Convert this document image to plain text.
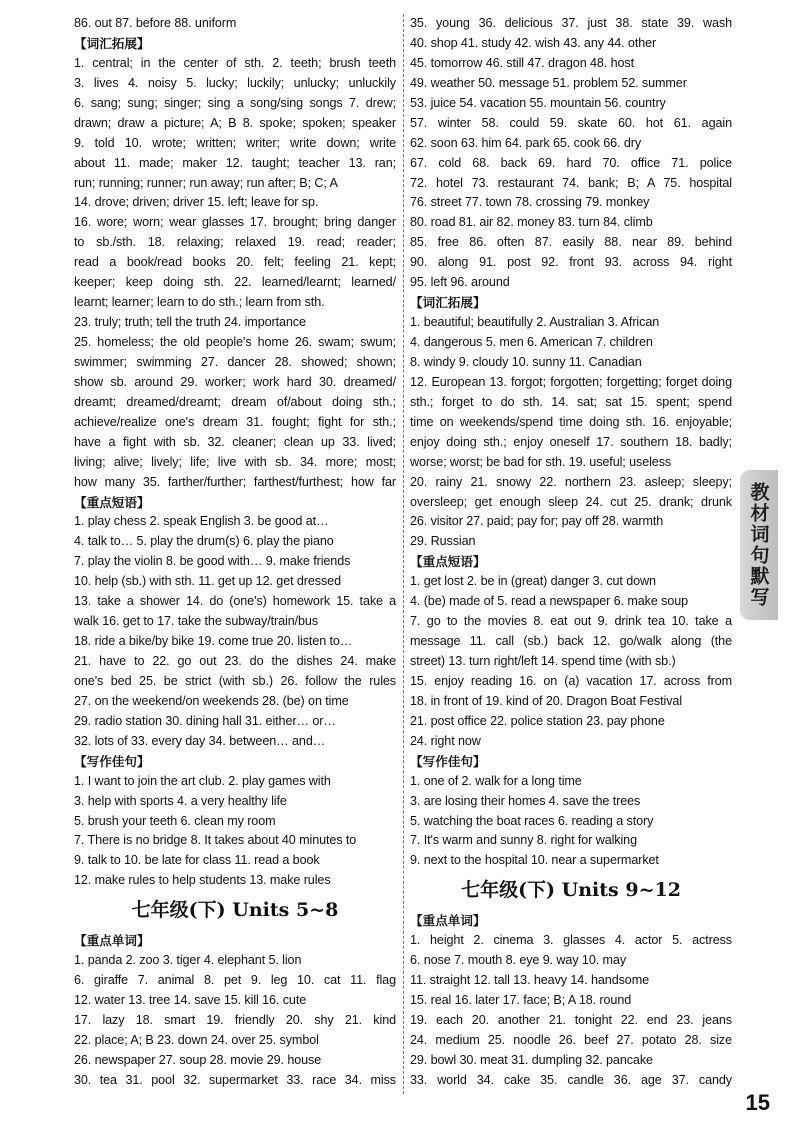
86. out 87. before 88. uniform
【词汇拓展】
1. central; in the center of sth. 2. teeth; brush teeth
3. lives 4. noisy 5. lucky; luckily; unlucky; unluckily
6. sang; sung; singer; sing a song/sing songs 7. drew;
drawn; draw a picture; A; B 8. spoke; spoken; speaker
9. told 10. wrote; written; writer; write down; write
about 11. made; maker 12. taught; teacher 13. ran;
run; running; runner; run away; run after; B; C; A
14. drove; driven; driver 15. left; leave for sp.
16. wore; worn; wear glasses 17. brought; bring danger
to sb./sth. 18. relaxing; relaxed 19. read; reader;
read a book/read books 20. felt; feeling 21. kept;
keeper; keep doing sth. 22. learned/learnt; learned/
learnt; learner; learn to do sth.; learn from sth.
23. truly; truth; tell the truth 24. importance
25. homeless; the old people's home 26. swam; swum;
swimmer; swimming 27. dancer 28. showed; shown;
show sb. around 29. worker; work hard 30. dreamed/
dreamt; dreamed/dreamt; dream of/about doing sth.;
achieve/realize one's dream 31. fought; fight for sth.;
have a fight with sb. 32. cleaner; clean up 33. lived;
living; alive; lively; life; live with sb. 34. more; most;
how many 35. farther/further; farthest/furthest; how far
【重点短语】
1. play chess 2. speak English 3. be good at…
4. talk to… 5. play the drum(s) 6. play the piano
7. play the violin 8. be good with… 9. make friends
10. help (sb.) with sth. 11. get up 12. get dressed
13. take a shower 14. do (one's) homework 15. take a
walk 16. get to 17. take the subway/train/bus
18. ride a bike/by bike 19. come true 20. listen to…
21. have to 22. go out 23. do the dishes 24. make
one's bed 25. be strict (with sb.) 26. follow the rules
27. on the weekend/on weekends 28. (be) on time
29. radio station 30. dining hall 31. either… or…
32. lots of 33. every day 34. between… and…
【写作佳句】
1. I want to join the art club. 2. play games with
3. help with sports 4. a very healthy life
5. brush your teeth 6. clean my room
7. There is no bridge 8. It takes about 40 minutes to
9. talk to 10. be late for class 11. read a book
12. make rules to help students 13. make rules
七年级(下) Units 5~8
【重点单词】
1. panda 2. zoo 3. tiger 4. elephant 5. lion
6. giraffe 7. animal 8. pet 9. leg 10. cat 11. flag
12. water 13. tree 14. save 15. kill 16. cute
17. lazy 18. smart 19. friendly 20. shy 21. kind
22. place; A; B 23. down 24. over 25. symbol
26. newspaper 27. soup 28. movie 29. house
30. tea 31. pool 32. supermarket 33. race 34. miss
35. young 36. delicious 37. just 38. state 39. wash
40. shop 41. study 42. wish 43. any 44. other
45. tomorrow 46. still 47. dragon 48. host
49. weather 50. message 51. problem 52. summer
53. juice 54. vacation 55. mountain 56. country
57. winter 58. could 59. skate 60. hot 61. again
62. soon 63. him 64. park 65. cook 66. dry
67. cold 68. back 69. hard 70. office 71. police
72. hotel 73. restaurant 74. bank; B; A 75. hospital
76. street 77. town 78. crossing 79. monkey
80. road 81. air 82. money 83. turn 84. climb
85. free 86. often 87. easily 88. near 89. behind
90. along 91. post 92. front 93. across 94. right
95. left 96. around
【词汇拓展】
1. beautiful; beautifully 2. Australian 3. African
4. dangerous 5. men 6. American 7. children
8. windy 9. cloudy 10. sunny 11. Canadian
12. European 13. forgot; forgotten; forgetting; forget doing
sth.; forget to do sth. 14. sat; sat 15. spent; spend
time on weekends/spend time doing sth. 16. enjoyable;
enjoy doing sth.; enjoy oneself 17. southern 18. badly;
worse; worst; be bad for sth. 19. useful; useless
20. rainy 21. snowy 22. northern 23. asleep; sleepy;
oversleep; get enough sleep 24. cut 25. drank; drunk
26. visitor 27. paid; pay for; pay off 28. warmth
29. Russian
【重点短语】
1. get lost 2. be in (great) danger 3. cut down
4. (be) made of 5. read a newspaper 6. make soup
7. go to the movies 8. eat out 9. drink tea 10. take a
message 11. call (sb.) back 12. go/walk along (the
street) 13. turn right/left 14. spend time (with sb.)
15. enjoy reading 16. on (a) vacation 17. across from
18. in front of 19. kind of 20. Dragon Boat Festival
21. post office 22. police station 23. pay phone
24. right now
【写作佳句】
1. one of 2. walk for a long time
3. are losing their homes 4. save the trees
5. watching the boat races 6. reading a story
7. It's warm and sunny 8. right for walking
9. next to the hospital 10. near a supermarket
七年级(下) Units 9~12
【重点单词】
1. height 2. cinema 3. glasses 4. actor 5. actress
6. nose 7. mouth 8. eye 9. way 10. may
11. straight 12. tall 13. heavy 14. handsome
15. real 16. later 17. face; B; A 18. round
19. each 20. another 21. tonight 22. end 23. jeans
24. medium 25. noodle 26. beef 27. potato 28. size
29. bowl 30. meat 31. dumpling 32. pancake
33. world 34. cake 35. candle 36. age 37. candy
教材词句默写
15
